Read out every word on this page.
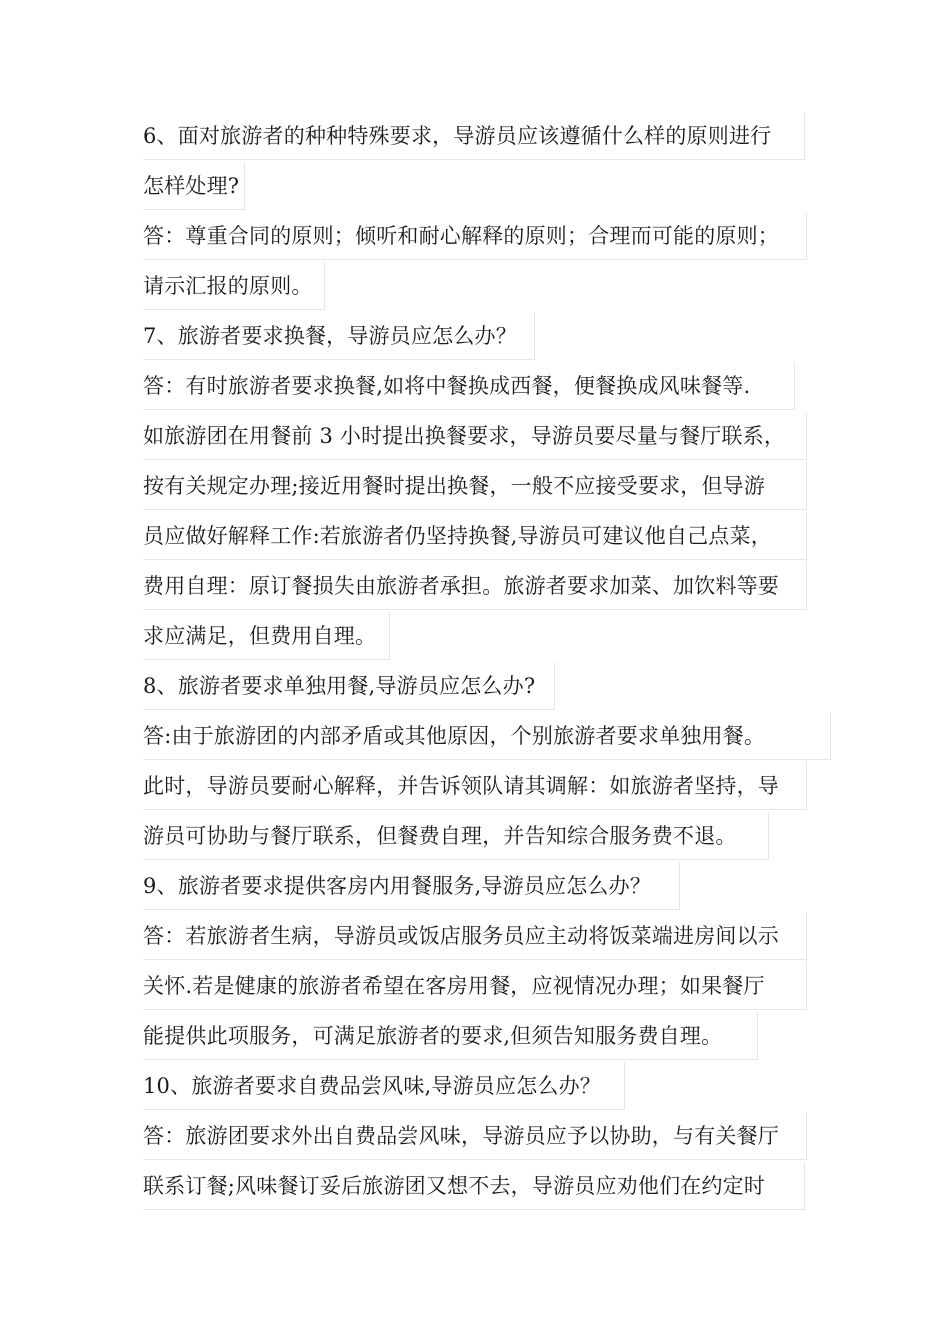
6、面对旅游者的种种特殊要求，导游员应该遵循什么样的原则进行
怎样处理?
答：尊重合同的原则；倾听和耐心解释的原则；合理而可能的原则；
请示汇报的原则。
7、旅游者要求换餐，导游员应怎么办？
答：有时旅游者要求换餐,如将中餐换成西餐，便餐换成风味餐等.
如旅游团在用餐前 3 小时提出换餐要求，导游员要尽量与餐厅联系，
按有关规定办理;接近用餐时提出换餐，一般不应接受要求，但导游
员应做好解释工作:若旅游者仍坚持换餐,导游员可建议他自己点菜，
费用自理：原订餐损失由旅游者承担。旅游者要求加菜、加饮料等要
求应满足，但费用自理。
8、旅游者要求单独用餐,导游员应怎么办?
答:由于旅游团的内部矛盾或其他原因，个别旅游者要求单独用餐。
此时，导游员要耐心解释，并告诉领队请其调解：如旅游者坚持，导
游员可协助与餐厅联系，但餐费自理，并告知综合服务费不退。
9、旅游者要求提供客房内用餐服务,导游员应怎么办？
答：若旅游者生病，导游员或饭店服务员应主动将饭菜端进房间以示
关怀.若是健康的旅游者希望在客房用餐，应视情况办理；如果餐厅
能提供此项服务，可满足旅游者的要求,但须告知服务费自理。
10、旅游者要求自费品尝风味,导游员应怎么办？
答：旅游团要求外出自费品尝风味，导游员应予以协助，与有关餐厅
联系订餐;风味餐订妥后旅游团又想不去，导游员应劝他们在约定时
